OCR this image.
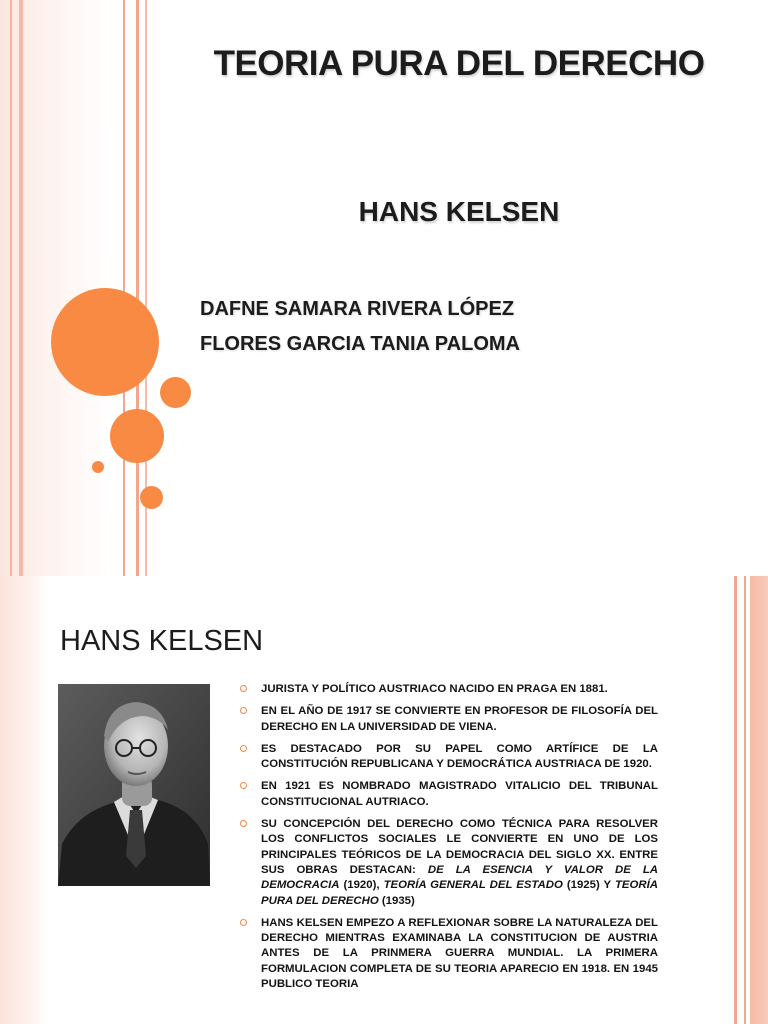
TEORIA PURA DEL DERECHO
HANS KELSEN
DAFNE SAMARA RIVERA LÓPEZ
FLORES GARCIA TANIA PALOMA
HANS KELSEN
JURISTA Y POLÍTICO AUSTRIACO NACIDO EN PRAGA EN 1881.
EN EL AÑO DE 1917 SE CONVIERTE EN PROFESOR DE FILOSOFÍA DEL DERECHO EN LA UNIVERSIDAD DE VIENA.
ES DESTACADO POR SU PAPEL COMO ARTÍFICE DE LA CONSTITUCIÓN REPUBLICANA Y DEMOCRÁTICA AUSTRIACA DE 1920.
EN 1921 ES NOMBRADO MAGISTRADO VITALICIO DEL TRIBUNAL CONSTITUCIONAL AUTRIACO.
SU CONCEPCIÓN DEL DERECHO COMO TÉCNICA PARA RESOLVER LOS CONFLICTOS SOCIALES LE CONVIERTE EN UNO DE LOS PRINCIPALES TEÓRICOS DE LA DEMOCRACIA DEL SIGLO XX. ENTRE SUS OBRAS DESTACAN: DE LA ESENCIA Y VALOR DE LA DEMOCRACIA (1920), TEORÍA GENERAL DEL ESTADO (1925) Y TEORÍA PURA DEL DERECHO (1935)
HANS KELSEN EMPEZO A REFLEXIONAR SOBRE LA NATURALEZA DEL DERECHO MIENTRAS EXAMINABA LA CONSTITUCION DE AUSTRIA ANTES DE LA PRINMERA GUERRA MUNDIAL. LA PRIMERA FORMULACION COMPLETA DE SU TEORIA APARECIO EN 1918. EN 1945 PUBLICO TEORIA
